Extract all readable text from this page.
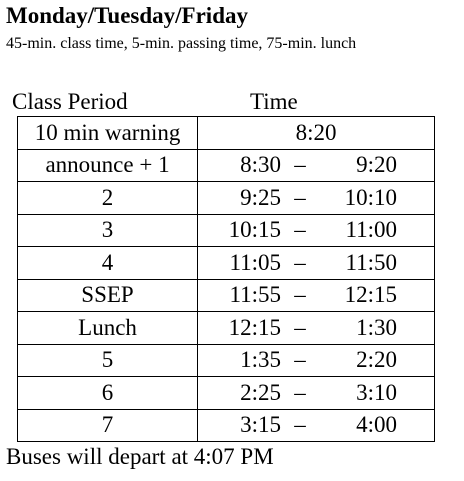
Monday/Tuesday/Friday
45-min. class time, 5-min. passing time, 75-min. lunch
Class Period	Time
10 min warning	8:20
announce + 1	8:30 – 9:20
2	9:25 – 10:10
3	10:15 – 11:00
4	11:05 – 11:50
SSEP	11:55 – 12:15
Lunch	12:15 – 1:30
5	1:35 – 2:20
6	2:25 – 3:10
7	3:15 – 4:00
Buses will depart at 4:07 PM
